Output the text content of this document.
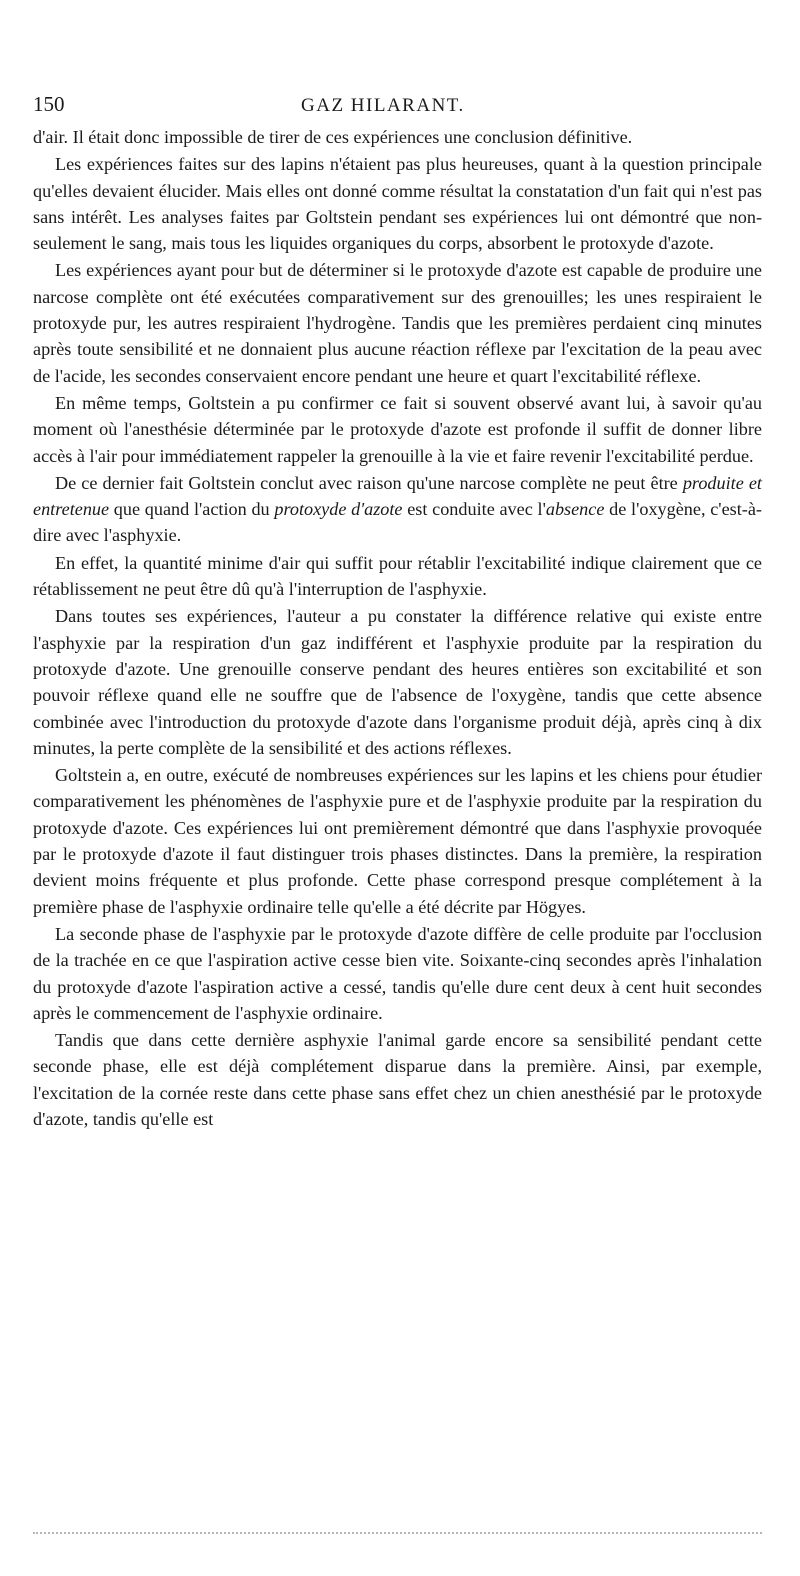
150	GAZ HILARANT.

d'air. Il était donc impossible de tirer de ces expériences une conclusion définitive.

Les expériences faites sur des lapins n'étaient pas plus heureuses, quant à la question principale qu'elles devaient élucider. Mais elles ont donné comme résultat la constatation d'un fait qui n'est pas sans intérêt. Les analyses faites par Goltstein pendant ses expériences lui ont démontré que non-seulement le sang, mais tous les liquides organiques du corps, absorbent le protoxyde d'azote.

Les expériences ayant pour but de déterminer si le protoxyde d'azote est capable de produire une narcose complète ont été exécutées comparativement sur des grenouilles; les unes respiraient le protoxyde pur, les autres respiraient l'hydrogène. Tandis que les premières perdaient cinq minutes après toute sensibilité et ne donnaient plus aucune réaction réflexe par l'excitation de la peau avec de l'acide, les secondes conservaient encore pendant une heure et quart l'excitabilité réflexe.

En même temps, Goltstein a pu confirmer ce fait si souvent observé avant lui, à savoir qu'au moment où l'anesthésie déterminée par le protoxyde d'azote est profonde il suffit de donner libre accès à l'air pour immédiatement rappeler la grenouille à la vie et faire revenir l'excitabilité perdue.

De ce dernier fait Goltstein conclut avec raison qu'une narcose complète ne peut être produite et entretenue que quand l'action du protoxyde d'azote est conduite avec l'absence de l'oxygène, c'est-à-dire avec l'asphyxie.

En effet, la quantité minime d'air qui suffit pour rétablir l'excitabilité indique clairement que ce rétablissement ne peut être dû qu'à l'interruption de l'asphyxie.

Dans toutes ses expériences, l'auteur a pu constater la différence relative qui existe entre l'asphyxie par la respiration d'un gaz indifférent et l'asphyxie produite par la respiration du protoxyde d'azote. Une grenouille conserve pendant des heures entières son excitabilité et son pouvoir réflexe quand elle ne souffre que de l'absence de l'oxygène, tandis que cette absence combinée avec l'introduction du protoxyde d'azote dans l'organisme produit déjà, après cinq à dix minutes, la perte complète de la sensibilité et des actions réflexes.

Goltstein a, en outre, exécuté de nombreuses expériences sur les lapins et les chiens pour étudier comparativement les phénomènes de l'asphyxie pure et de l'asphyxie produite par la respiration du protoxyde d'azote. Ces expériences lui ont premièrement démontré que dans l'asphyxie provoquée par le protoxyde d'azote il faut distinguer trois phases distinctes. Dans la première, la respiration devient moins fréquente et plus profonde. Cette phase correspond presque complétement à la première phase de l'asphyxie ordinaire telle qu'elle a été décrite par Högyes.

La seconde phase de l'asphyxie par le protoxyde d'azote diffère de celle produite par l'occlusion de la trachée en ce que l'aspiration active cesse bien vite. Soixante-cinq secondes après l'inhalation du protoxyde d'azote l'aspiration active a cessé, tandis qu'elle dure cent deux à cent huit secondes après le commencement de l'asphyxie ordinaire.

Tandis que dans cette dernière asphyxie l'animal garde encore sa sensibilité pendant cette seconde phase, elle est déjà complétement disparue dans la première. Ainsi, par exemple, l'excitation de la cornée reste dans cette phase sans effet chez un chien anesthésié par le protoxyde d'azote, tandis qu'elle est
